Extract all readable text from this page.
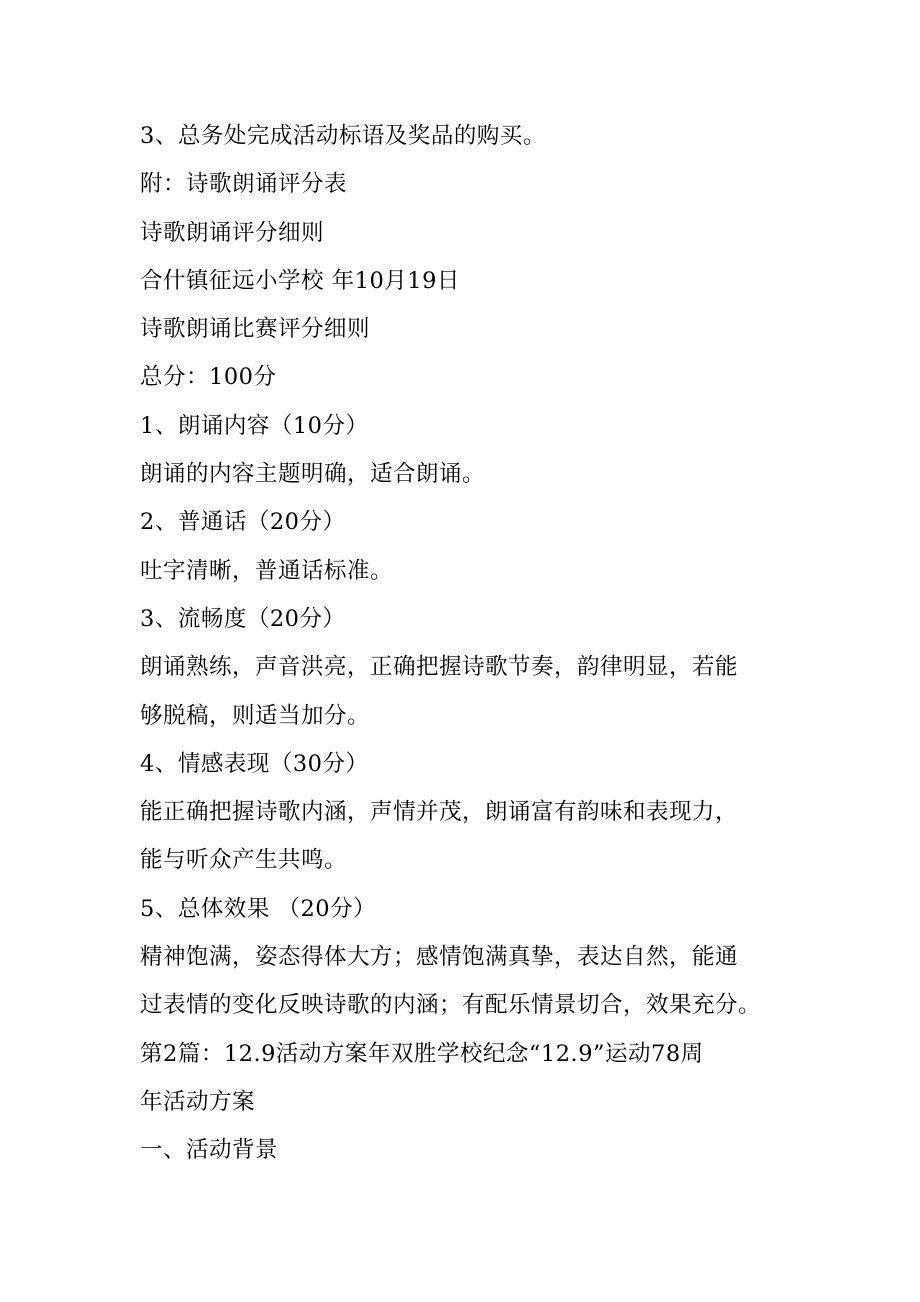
3、总务处完成活动标语及奖品的购买。
附：诗歌朗诵评分表
诗歌朗诵评分细则
合什镇征远小学校 年10月19日
诗歌朗诵比赛评分细则
总分：100分
1、朗诵内容（10分）
朗诵的内容主题明确，适合朗诵。
2、普通话（20分）
吐字清晰，普通话标准。
3、流畅度（20分）
朗诵熟练，声音洪亮，正确把握诗歌节奏，韵律明显，若能
够脱稿，则适当加分。
4、情感表现（30分）
能正确把握诗歌内涵，声情并茂，朗诵富有韵味和表现力，
能与听众产生共鸣。
5、总体效果 （20分）
精神饱满，姿态得体大方；感情饱满真挚，表达自然，能通
过表情的变化反映诗歌的内涵；有配乐情景切合，效果充分。
第2篇：12.9活动方案年双胜学校纪念“12.9”运动78周
年活动方案
一、活动背景
